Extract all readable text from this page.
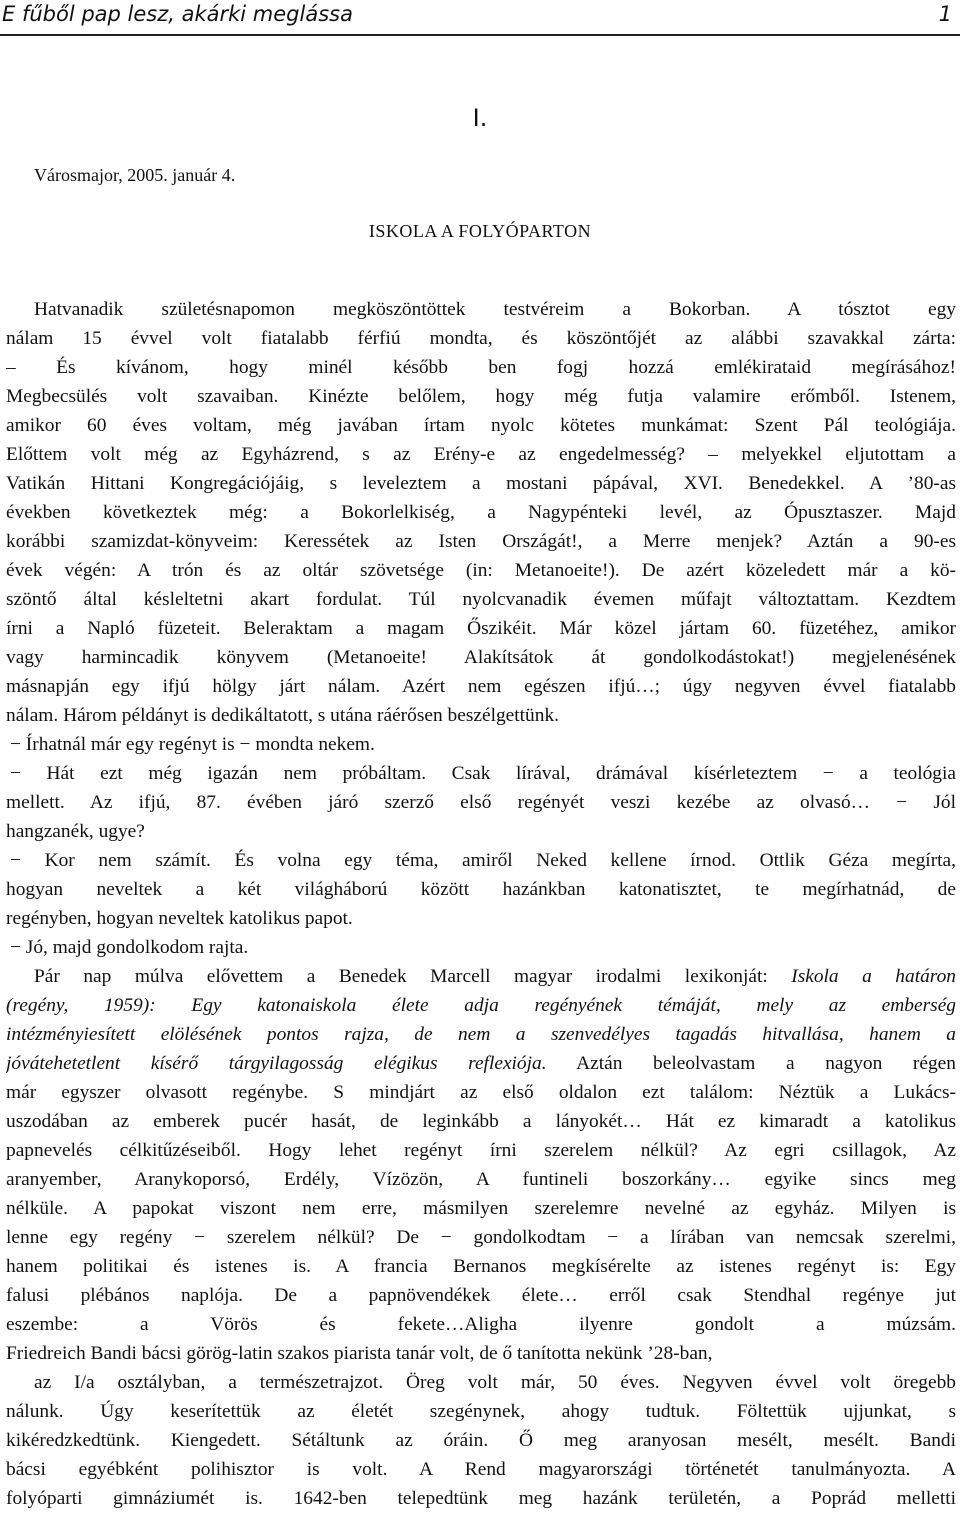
E fűből pap lesz, akárki meglássa	1
I.
Városmajor, 2005. január 4.
ISKOLA A FOLYÓPARTON
Hatvanadik születésnapomon megköszöntöttek testvéreim a Bokorban. A tósztot egy
nálam 15 évvel volt fiatalabb férfiú mondta, és köszöntőjét az alábbi szavakkal zárta:
– És kívánom, hogy minél később ben fogj hozzá emlékirataid megírásához!
Megbecsülés volt szavaiban. Kinézte belőlem, hogy még futja valamire erőmből. Istenem,
amikor 60 éves voltam, még javában írtam nyolc kötetes munkámat: Szent Pál teológiája.
Előttem volt még az Egyházrend, s az Erény-e az engedelmesség? – melyekkel eljutottam a
Vatikán Hittani Kongregációjáig, s leveleztem a mostani pápával, XVI. Benedekkel. A ’80-as
években következtek még: a Bokorlelkiség, a Nagypénteki levél, az Ópusztaszer. Majd
korábbi szamizdat-könyveim: Keressétek az Isten Országát!, a Merre menjek? Aztán a 90-es
évek végén: A trón és az oltár szövetsége (in: Metanoeite!). De azért közeledett már a kö-
szöntő által késleltetni akart fordulat. Túl nyolcvanadik évemen műfajt változtattam. Kezdtem
írni a Napló füzeteit. Beleraktam a magam Őszikéit. Már közel jártam 60. füzetéhez, amikor
vagy harmincadik könyvem (Metanoeite! Alakítsátok át gondolkodástokat!) megjelenésének
másnapján egy ifjú hölgy járt nálam. Azért nem egészen ifjú…; úgy negyven évvel fiatalabb
nálam. Három példányt is dedikáltatott, s utána ráérősen beszélgettünk.
− Írhatnál már egy regényt is − mondta nekem.
− Hát ezt még igazán nem próbáltam. Csak lírával, drámával kísérleteztem − a teológia
mellett. Az ifjú, 87. évében járó szerző első regényét veszi kezébe az olvasó… − Jól
hangzanék, ugye?
− Kor nem számít. És volna egy téma, amiről Neked kellene írnod. Ottlik Géza megírta,
hogyan neveltek a két világháború között hazánkban katonatisztet, te megírhatnád, de
regényben, hogyan neveltek katolikus papot.
− Jó, majd gondolkodom rajta.
Pár nap múlva elővettem a Benedek Marcell magyar irodalmi lexikonját: Iskola a határon
(regény, 1959): Egy katonaiskola élete adja regényének témáját, mely az emberség
intézményiesített elölésének pontos rajza, de nem a szenvedélyes tagadás hitvallása, hanem a
jóvátehetetlent kísérő tárgyilagosság elégikus reflexiója. Aztán beleolvastam a nagyon régen
már egyszer olvasott regénybe. S mindjárt az első oldalon ezt találom: Néztük a Lukács-
uszodában az emberek pucér hasát, de leginkább a lányokét… Hát ez kimaradt a katolikus
papnevelés célkitűzéseiből. Hogy lehet regényt írni szerelem nélkül? Az egri csillagok, Az
aranyember, Aranykoporsó, Erdély, Vízözön, A funtineli boszorkány… egyike sincs meg
nélküle. A papokat viszont nem erre, másmilyen szerelemre nevelné az egyház. Milyen is
lenne egy regény − szerelem nélkül? De − gondolkodtam − a lírában van nemcsak szerelmi,
hanem politikai és istenes is. A francia Bernanos megkísérelte az istenes regényt is: Egy
falusi plébános naplója. De a papnövendékek élete… erről csak Stendhal regénye jut
eszembe: a Vörös és fekete…Aligha ilyenre gondolt a múzsám.
Friedreich Bandi bácsi görög-latin szakos piarista tanár volt, de ő tanította nekünk ’28-ban,
az I/a osztályban, a természetrajzot. Öreg volt már, 50 éves. Negyven évvel volt öregebb
nálunk. Úgy keserítettük az életét szegénynek, ahogy tudtuk. Föltettük ujjunkat, s
kikéredzkedtünk. Kiengedett. Sétáltunk az óráin. Ő meg aranyosan mesélt, mesélt. Bandi
bácsi egyébként polihisztor is volt. A Rend magyarországi történetét tanulmányozta. A
folyóparti gimnáziumét is. 1642-ben telepedtünk meg hazánk területén, a Poprád melletti
